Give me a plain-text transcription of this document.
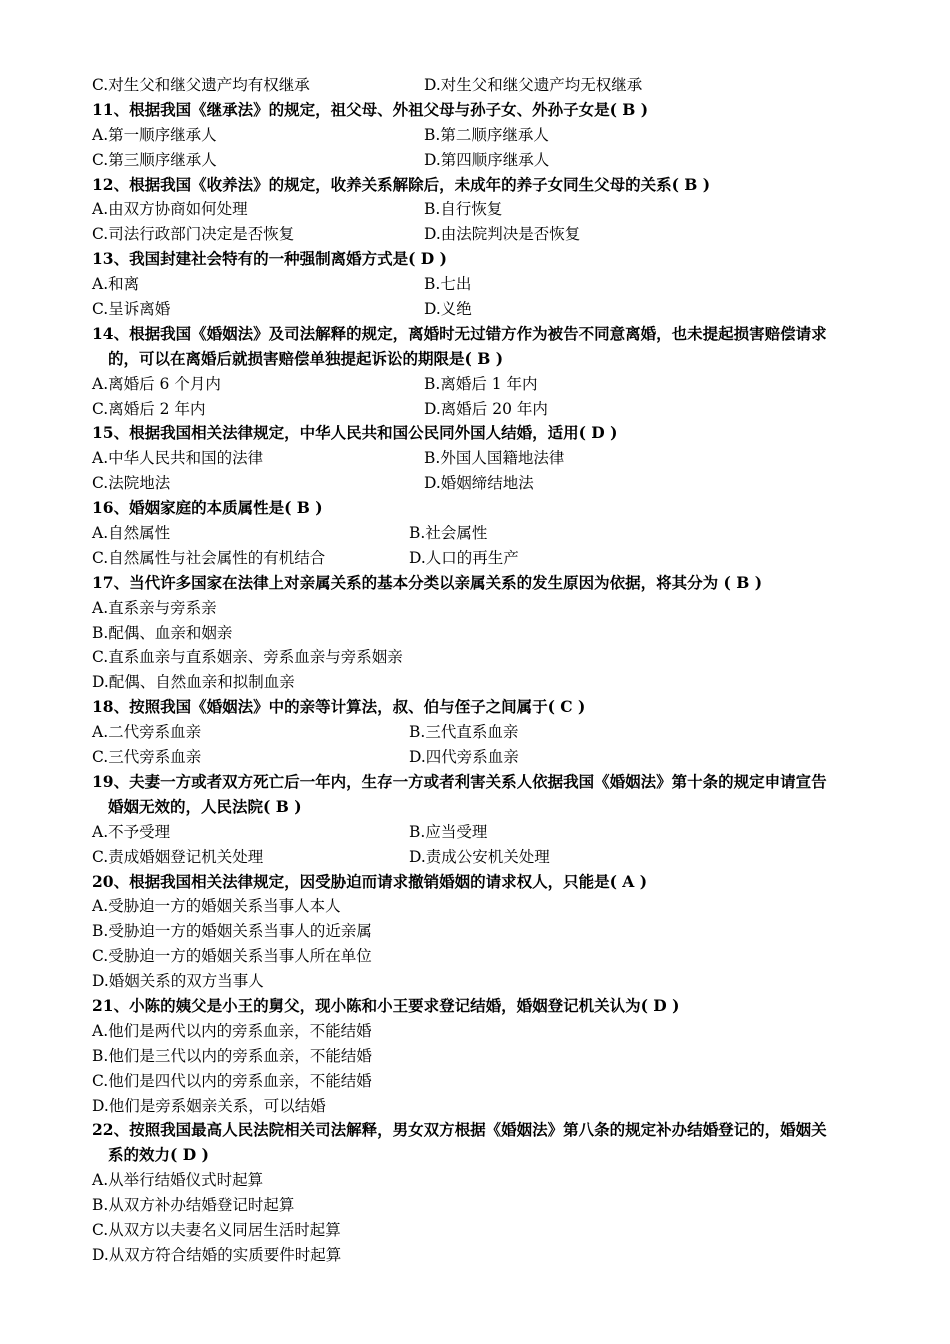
C.对生父和继父遗产均有权继承	D.对生父和继父遗产均无权继承
11、根据我国《继承法》的规定，祖父母、外祖父母与孙子女、外孙子女是( B )
A.第一顺序继承人	B.第二顺序继承人
C.第三顺序继承人	D.第四顺序继承人
12、根据我国《收养法》的规定，收养关系解除后，未成年的养子女同生父母的关系( B )
A.由双方协商如何处理	B.自行恢复
C.司法行政部门决定是否恢复	D.由法院判决是否恢复
13、我国封建社会特有的一种强制离婚方式是( D )
A.和离	B.七出
C.呈诉离婚	D.义绝
14、根据我国《婚姻法》及司法解释的规定，离婚时无过错方作为被告不同意离婚，也未提起损害赔偿请求
的，可以在离婚后就损害赔偿单独提起诉讼的期限是( B )
A.离婚后 6 个月内	B.离婚后 1 年内
C.离婚后 2 年内	D.离婚后 20 年内
15、根据我国相关法律规定，中华人民共和国公民同外国人结婚，适用( D )
A.中华人民共和国的法律	B.外国人国籍地法律
C.法院地法	D.婚姻缔结地法
16、婚姻家庭的本质属性是( B )
A.自然属性	B.社会属性
C.自然属性与社会属性的有机结合	D.人口的再生产
17、当代许多国家在法律上对亲属关系的基本分类以亲属关系的发生原因为依据，将其分为 ( B )
A.直系亲与旁系亲
B.配偶、血亲和姻亲
C.直系血亲与直系姻亲、旁系血亲与旁系姻亲
D.配偶、自然血亲和拟制血亲
18、按照我国《婚姻法》中的亲等计算法，叔、伯与侄子之间属于( C )
A.二代旁系血亲	B.三代直系血亲
C.三代旁系血亲	D.四代旁系血亲
19、夫妻一方或者双方死亡后一年内，生存一方或者利害关系人依据我国《婚姻法》第十条的规定申请宣告
婚姻无效的，人民法院( B )
A.不予受理	B.应当受理
C.责成婚姻登记机关处理	D.责成公安机关处理
20、根据我国相关法律规定，因受胁迫而请求撤销婚姻的请求权人，只能是( A )
A.受胁迫一方的婚姻关系当事人本人
B.受胁迫一方的婚姻关系当事人的近亲属
C.受胁迫一方的婚姻关系当事人所在单位
D.婚姻关系的双方当事人
21、小陈的姨父是小王的舅父，现小陈和小王要求登记结婚，婚姻登记机关认为( D )
A.他们是两代以内的旁系血亲，不能结婚
B.他们是三代以内的旁系血亲，不能结婚
C.他们是四代以内的旁系血亲，不能结婚
D.他们是旁系姻亲关系，可以结婚
22、按照我国最高人民法院相关司法解释，男女双方根据《婚姻法》第八条的规定补办结婚登记的，婚姻关
系的效力( D )
A.从举行结婚仪式时起算
B.从双方补办结婚登记时起算
C.从双方以夫妻名义同居生活时起算
D.从双方符合结婚的实质要件时起算
